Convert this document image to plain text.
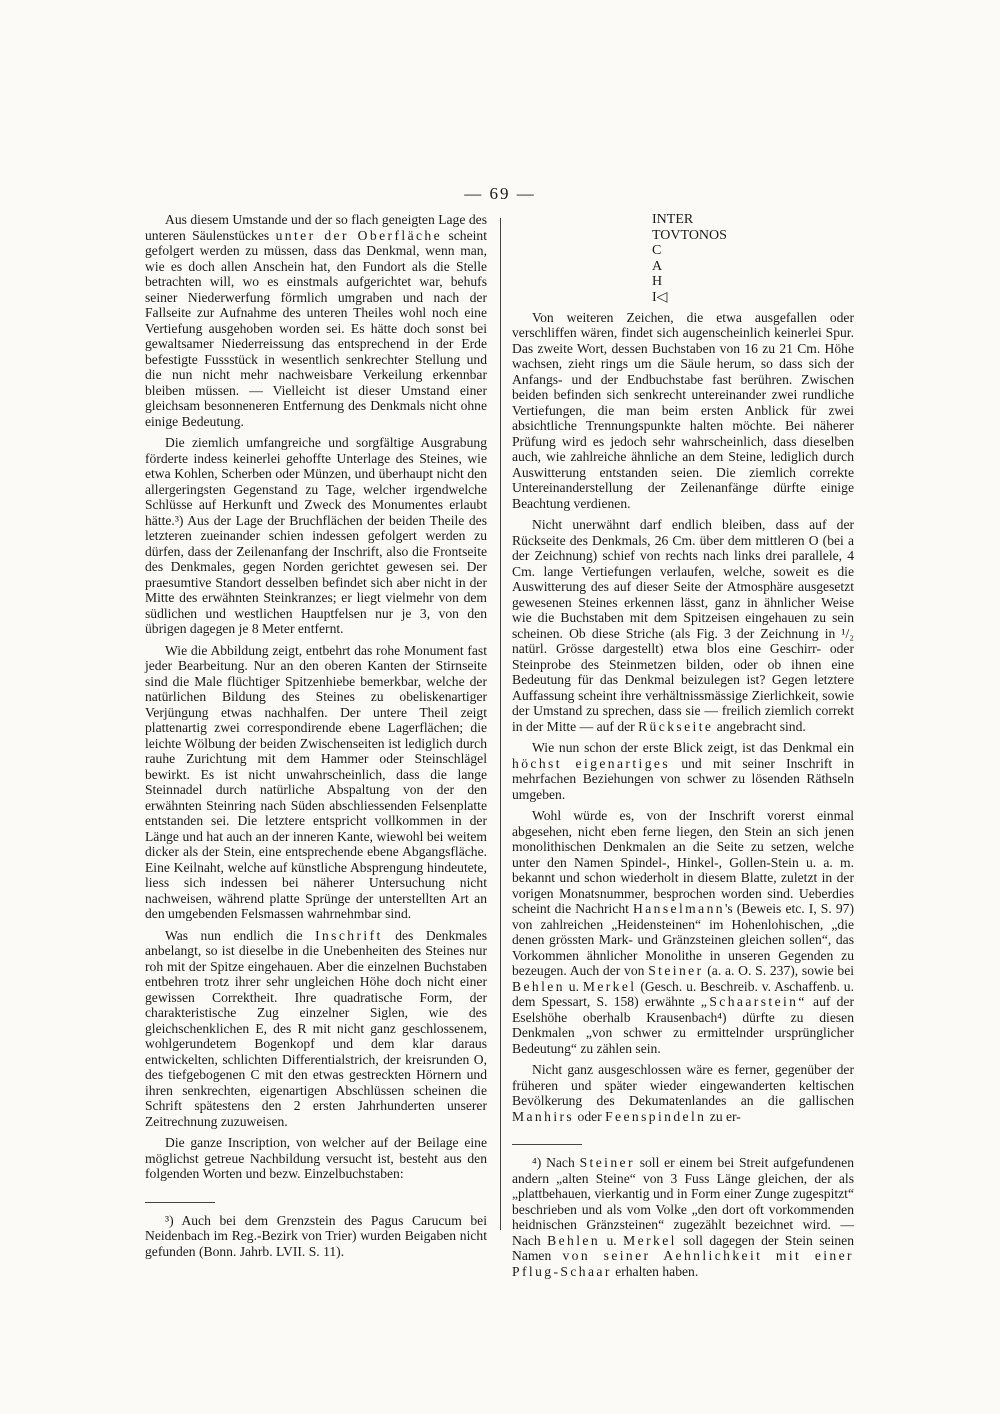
— 69 —

Aus diesem Umstande und der so flach geneigten Lage des unteren Säulenstückes unter der Oberfläche scheint gefolgert werden zu müssen, dass das Denkmal, wenn man, wie es doch allen Anschein hat, den Fundort als die Stelle betrachten will, wo es einstmals aufgerichtet war, behufs seiner Niederwerfung förmlich umgraben und nach der Fallseite zur Aufnahme des unteren Theiles wohl noch eine Vertiefung ausgehoben worden sei. Es hätte doch sonst bei gewaltsamer Niederreissung das entsprechend in der Erde befestigte Fussstück in wesentlich senkrechter Stellung und die nun nicht mehr nachweisbare Verkeilung erkennbar bleiben müssen. — Vielleicht ist dieser Umstand einer gleichsam besonneneren Entfernung des Denkmals nicht ohne einige Bedeutung.

Die ziemlich umfangreiche und sorgfältige Ausgrabung förderte indess keinerlei gehoffte Unterlage des Steines, wie etwa Kohlen, Scherben oder Münzen, und überhaupt nicht den allergeringsten Gegenstand zu Tage, welcher irgendwelche Schlüsse auf Herkunft und Zweck des Monumentes erlaubt hätte.³) Aus der Lage der Bruchflächen der beiden Theile des letzteren zueinander schien indessen gefolgert werden zu dürfen, dass der Zeilenanfang der Inschrift, also die Frontseite des Denkmales, gegen Norden gerichtet gewesen sei. Der praesumtive Standort desselben befindet sich aber nicht in der Mitte des erwähnten Steinkranzes; er liegt vielmehr von dem südlichen und westlichen Hauptfelsen nur je 3, von den übrigen dagegen je 8 Meter entfernt.

Wie die Abbildung zeigt, entbehrt das rohe Monument fast jeder Bearbeitung. Nur an den oberen Kanten der Stirnseite sind die Male flüchtiger Spitzenhiebe bemerkbar, welche der natürlichen Bildung des Steines zu obeliskenartiger Verjüngung etwas nachhalfen. Der untere Theil zeigt plattenartig zwei correspondirende ebene Lagerflächen; die leichte Wölbung der beiden Zwischenseiten ist lediglich durch rauhe Zurichtung mit dem Hammer oder Steinschlägel bewirkt. Es ist nicht unwahrscheinlich, dass die lange Steinnadel durch natürliche Abspaltung von der den erwähnten Steinring nach Süden abschliessenden Felsenplatte entstanden sei. Die letztere entspricht vollkommen in der Länge und hat auch an der inneren Kante, wiewohl bei weitem dicker als der Stein, eine entsprechende ebene Abgangsfläche. Eine Keilnaht, welche auf künstliche Absprengung hindeutete, liess sich indessen bei näherer Untersuchung nicht nachweisen, während platte Sprünge der unterstellten Art an den umgebenden Felsmassen wahrnehmbar sind.

Was nun endlich die Inschrift des Denkmales anbelangt, so ist dieselbe in die Unebenheiten des Steines nur roh mit der Spitze eingehauen. Aber die einzelnen Buchstaben entbehren trotz ihrer sehr ungleichen Höhe doch nicht einer gewissen Correktheit. Ihre quadratische Form, der charakteristische Zug einzelner Siglen, wie des gleichschenklichen E, des R mit nicht ganz geschlossenem, wohlgerundetem Bogenkopf und dem klar daraus entwickelten, schlichten Differentialstrich, der kreisrunden O, des tiefgebogenen C mit den etwas gestreckten Hörnern und ihren senkrechten, eigenartigen Abschlüssen scheinen die Schrift spätestens den 2 ersten Jahrhunderten unserer Zeitrechnung zuzuweisen.

Die ganze Inscription, von welcher auf der Beilage eine möglichst getreue Nachbildung versucht ist, besteht aus den folgenden Worten und bezw. Einzelbuchstaben:

³) Auch bei dem Grenzstein des Pagus Carucum bei Neidenbach im Reg.-Bezirk von Trier) wurden Beigaben nicht gefunden (Bonn. Jahrb. LVII. S. 11).
INTER
TOVTONOS
C
A
H
I◁

Von weiteren Zeichen, die etwa ausgefallen oder verschliffen wären, findet sich augenscheinlich keinerlei Spur. Das zweite Wort, dessen Buchstaben von 16 zu 21 Cm. Höhe wachsen, zieht rings um die Säule herum, so dass sich der Anfangs- und der Endbuchstabe fast berühren. Zwischen beiden befinden sich senkrecht untereinander zwei rundliche Vertiefungen, die man beim ersten Anblick für zwei absichtliche Trennungspunkte halten möchte. Bei näherer Prüfung wird es jedoch sehr wahrscheinlich, dass dieselben auch, wie zahlreiche ähnliche an dem Steine, lediglich durch Auswitterung entstanden seien. Die ziemlich correkte Untereinanderstellung der Zeilenanfänge dürfte einige Beachtung verdienen.

Nicht unerwähnt darf endlich bleiben, dass auf der Rückseite des Denkmals, 26 Cm. über dem mittleren O (bei a der Zeichnung) schief von rechts nach links drei parallele, 4 Cm. lange Vertiefungen verlaufen, welche, soweit es die Auswitterung des auf dieser Seite der Atmosphäre ausgesetzt gewesenen Steines erkennen lässt, ganz in ähnlicher Weise wie die Buchstaben mit dem Spitzeisen eingehauen zu sein scheinen. Ob diese Striche (als Fig. 3 der Zeichnung in ¹/₂ natürl. Grösse dargestellt) etwa blos eine Geschirr- oder Steinprobe des Steinmetzen bilden, oder ob ihnen eine Bedeutung für das Denkmal beizulegen ist? Gegen letztere Auffassung scheint ihre verhältnissmässige Zierlichkeit, sowie der Umstand zu sprechen, dass sie — freilich ziemlich correkt in der Mitte — auf der Rückseite angebracht sind.

Wie nun schon der erste Blick zeigt, ist das Denkmal ein höchst eigenartiges und mit seiner Inschrift in mehrfachen Beziehungen von schwer zu lösenden Räthseln umgeben.

Wohl würde es, von der Inschrift vorerst einmal abgesehen, nicht eben ferne liegen, den Stein an sich jenen monolithischen Denkmalen an die Seite zu setzen, welche unter den Namen Spindel-, Hinkel-, Gollen-Stein u. a. m. bekannt und schon wiederholt in diesem Blatte, zuletzt in der vorigen Monatsnummer, besprochen worden sind. Ueberdies scheint die Nachricht Hanselmann's (Beweis etc. I, S. 97) von zahlreichen „Heidensteinen“ im Hohenlohischen, „die denen grössten Mark- und Gränzsteinen gleichen sollen“, das Vorkommen ähnlicher Monolithe in unseren Gegenden zu bezeugen. Auch der von Steiner (a. a. O. S. 237), sowie bei Behlen u. Merkel (Gesch. u. Beschreib. v. Aschaffenb. u. dem Spessart, S. 158) erwähnte „Schaarstein“ auf der Eselshöhe oberhalb Krausenbach⁴) dürfte zu diesen Denkmalen „von schwer zu ermittelnder ursprünglicher Bedeutung“ zu zählen sein.

Nicht ganz ausgeschlossen wäre es ferner, gegenüber der früheren und später wieder eingewanderten keltischen Bevölkerung des Dekumatenlandes an die gallischen Manhirs oder Feenspindeln zu er-

⁴) Nach Steiner soll er einem bei Streit aufgefundenen andern „alten Steine“ von 3 Fuss Länge gleichen, der als „plattbehauen, vierkantig und in Form einer Zunge zugespitzt“ beschrieben und als vom Volke „den dort oft vorkommenden heidnischen Gränzsteinen“ zugezählt bezeichnet wird. — Nach Behlen u. Merkel soll dagegen der Stein seinen Namen von seiner Aehnlichkeit mit einer Pflug-Schaar erhalten haben.
